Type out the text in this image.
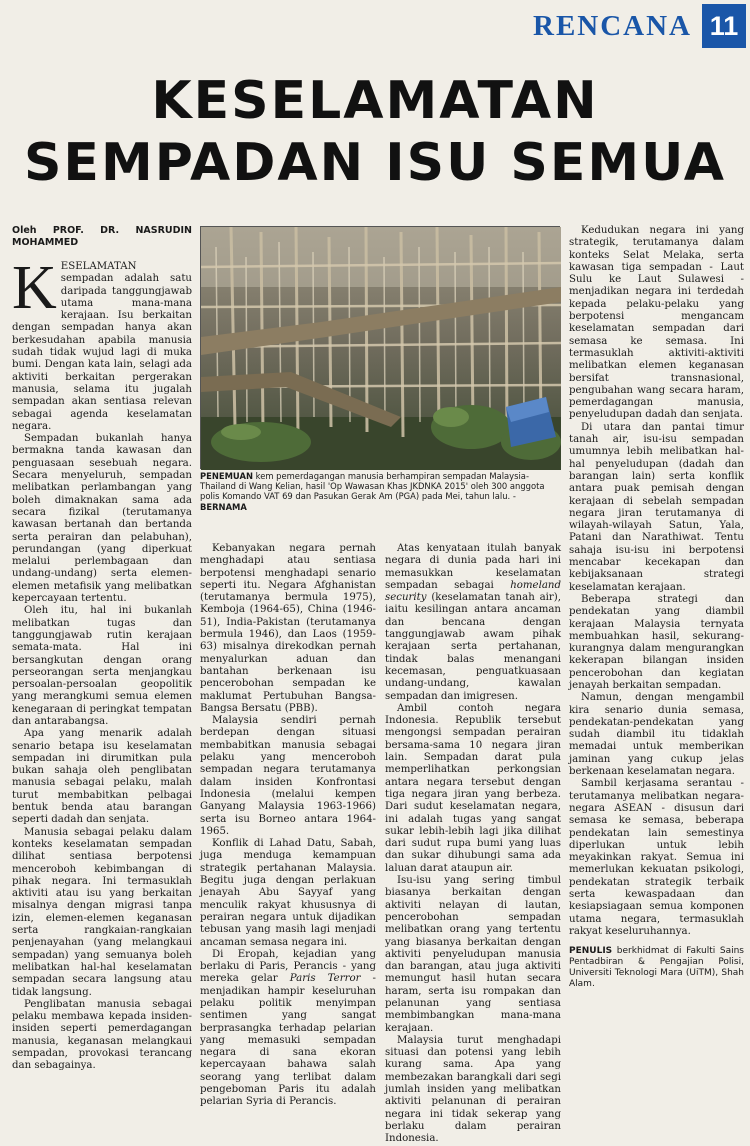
RENCANA 11
KESELAMATAN
SEMPADAN ISU SEMUA
Oleh PROF. DR. NASRUDIN MOHAMMED

KESELAMATAN sempadan adalah satu daripada tanggungjawab utama mana-mana kerajaan. Isu berkaitan dengan sempadan hanya akan berkesudahan apabila manusia sudah tidak wujud lagi di muka bumi. Dengan kata lain, selagi ada aktiviti berkaitan pergerakan manusia, selama itu jugalah sempadan akan sentiasa relevan sebagai agenda keselamatan negara.

Sempadan bukanlah hanya bermakna tanda kawasan dan penguasaan sesebuah negara. Secara menyeluruh, sempadan melibatkan perlambangan yang boleh dimaknakan sama ada secara fizikal (terutamanya kawasan bertanah dan bertanda serta perairan dan pelabuhan), perundangan (yang diperkuat melalui perlembagaan dan undang-undang) serta elemen-elemen metafisik yang melibatkan kepercayaan tertentu.

Oleh itu, hal ini bukanlah melibatkan tugas dan tanggungjawab rutin kerajaan semata-mata. Hal ini bersangkutan dengan orang perseorangan serta menjangkau persoalan-persoalan geopolitik yang merangkumi semua elemen kenegaraan di peringkat tempatan dan antarabangsa.

Apa yang menarik adalah senario betapa isu keselamatan sempadan ini dirumitkan pula bukan sahaja oleh penglibatan manusia sebagai pelaku, malah turut membabitkan pelbagai bentuk benda atau barangan seperti dadah dan senjata.

Manusia sebagai pelaku dalam konteks keselamatan sempadan dilihat sentiasa berpotensi menceroboh kebimbangan di pihak negara. Ini termasuklah aktiviti atau isu yang berkaitan misalnya dengan migrasi tanpa izin, elemen-elemen keganasan serta rangkaian-rangkaian penjenayahan (yang melangkaui sempadan) yang semuanya boleh melibatkan hal-hal keselamatan sempadan secara langsung atau tidak langsung.

Penglibatan manusia sebagai pelaku membawa kepada insiden-insiden seperti pemerdagangan manusia, keganasan melangkaui sempadan, provokasi terancang dan sebagainya.

PENEMUAN kem pemerdagangan manusia berhampiran sempadan Malaysia-Thailand di Wang Kelian, hasil 'Op Wawasan Khas JKDNKA 2015' oleh 300 anggota polis Komando VAT 69 dan Pasukan Gerak Am (PGA) pada Mei, tahun lalu. - BERNAMA

Kebanyakan negara pernah menghadapi atau sentiasa berpotensi menghadapi senario seperti itu. Negara Afghanistan (terutamanya bermula 1975), Kemboja (1964-65), China (1946-51), India-Pakistan (terutamanya bermula 1946), dan Laos (1959-63) misalnya direkodkan pernah menyalurkan aduan dan bantahan berkenaan isu pencerobohan sempadan ke maklumat Pertubuhan Bangsa-Bangsa Bersatu (PBB).

Malaysia sendiri pernah berdepan dengan situasi membabitkan manusia sebagai pelaku yang menceroboh sempadan negara terutamanya dalam insiden Konfrontasi Indonesia (melalui kempen Ganyang Malaysia 1963-1966) serta isu Borneo antara 1964-1965.

Konflik di Lahad Datu, Sabah, juga menduga kemampuan strategik pertahanan Malaysia. Begitu juga dengan perlakuan jenayah Abu Sayyaf yang menculik rakyat khususnya di perairan negara untuk dijadikan tebusan yang masih lagi menjadi ancaman semasa negara ini.

Di Eropah, kejadian yang berlaku di Paris, Perancis - yang mereka gelar Paris Terror - menjadikan hampir keseluruhan pelaku politik menyimpan sentimen yang sangat berprasangka terhadap pelarian yang memasuki sempadan negara di sana ekoran kepercayaan bahawa salah seorang yang terlibat dalam pengeboman Paris itu adalah pelarian Syria di Perancis.

Atas kenyataan itulah banyak negara di dunia pada hari ini memasukkan keselamatan sempadan sebagai homeland security (keselamatan tanah air), iaitu kesilingan antara ancaman dan bencana dengan tanggungjawab awam pihak kerajaan serta pertahanan, tindak balas menangani kecemasan, penguatkuasaan undang-undang, kawalan sempadan dan imigresen.

Ambil contoh negara Indonesia. Republik tersebut mengongsi sempadan perairan bersama-sama 10 negara jiran lain. Sempadan darat pula memperlihatkan perkongsian antara negara tersebut dengan tiga negara jiran yang berbeza. Dari sudut keselamatan negara, ini adalah tugas yang sangat sukar lebih-lebih lagi jika dilihat dari sudut rupa bumi yang luas dan sukar dihubungi sama ada laluan darat ataupun air.

Isu-isu yang sering timbul biasanya berkaitan dengan aktiviti nelayan di lautan, pencerobohan sempadan melibatkan orang yang tertentu yang biasanya berkaitan dengan aktiviti penyeludupan manusia dan barangan, atau juga aktiviti memungut hasil hutan secara haram, serta isu rompakan dan pelanunan yang sentiasa membimbangkan mana-mana kerajaan.

Malaysia turut menghadapi situasi dan potensi yang lebih kurang sama. Apa yang membezakan barangkali dari segi jumlah insiden yang melibatkan aktiviti pelanunan di perairan negara ini tidak sekerap yang berlaku dalam perairan Indonesia.

Kedudukan negara ini yang strategik, terutamanya dalam konteks Selat Melaka, serta kawasan tiga sempadan - Laut Sulu ke Laut Sulawesi - menjadikan negara ini terdedah kepada pelaku-pelaku yang berpotensi mengancam keselamatan sempadan dari semasa ke semasa. Ini termasuklah aktiviti-aktiviti melibatkan elemen keganasan bersifat transnasional, pengubahan wang secara haram, pemerdagangan manusia, penyeludupan dadah dan senjata.

Di utara dan pantai timur tanah air, isu-isu sempadan umumnya lebih melibatkan hal-hal penyeludupan (dadah dan barangan lain) serta konflik antara puak pemisah dengan kerajaan di sebelah sempadan negara jiran terutamanya di wilayah-wilayah Satun, Yala, Patani dan Narathiwat. Tentu sahaja isu-isu ini berpotensi mencabar kecekapan dan kebijaksanaan strategi keselamatan kerajaan.

Beberapa strategi dan pendekatan yang diambil kerajaan Malaysia ternyata membuahkan hasil, sekurang-kurangnya dalam mengurangkan kekerapan bilangan insiden pencerobohan dan kegiatan jenayah berkaitan sempadan.

Namun, dengan mengambil kira senario dunia semasa, pendekatan-pendekatan yang sudah diambil itu tidaklah memadai untuk memberikan jaminan yang cukup jelas berkenaan keselamatan negara.

Sambil kerjasama serantau - terutamanya melibatkan negara-negara ASEAN - disusun dari semasa ke semasa, beberapa pendekatan lain semestinya diperlukan untuk lebih meyakinkan rakyat. Semua ini memerlukan kekuatan psikologi, pendekatan strategik terbaik serta kewaspadaan dan kesiapsiagaan semua komponen utama negara, termasuklah rakyat keseluruhannya.

PENULIS berkhidmat di Fakulti Sains Pentadbiran & Pengajian Polisi, Universiti Teknologi Mara (UiTM), Shah Alam.
